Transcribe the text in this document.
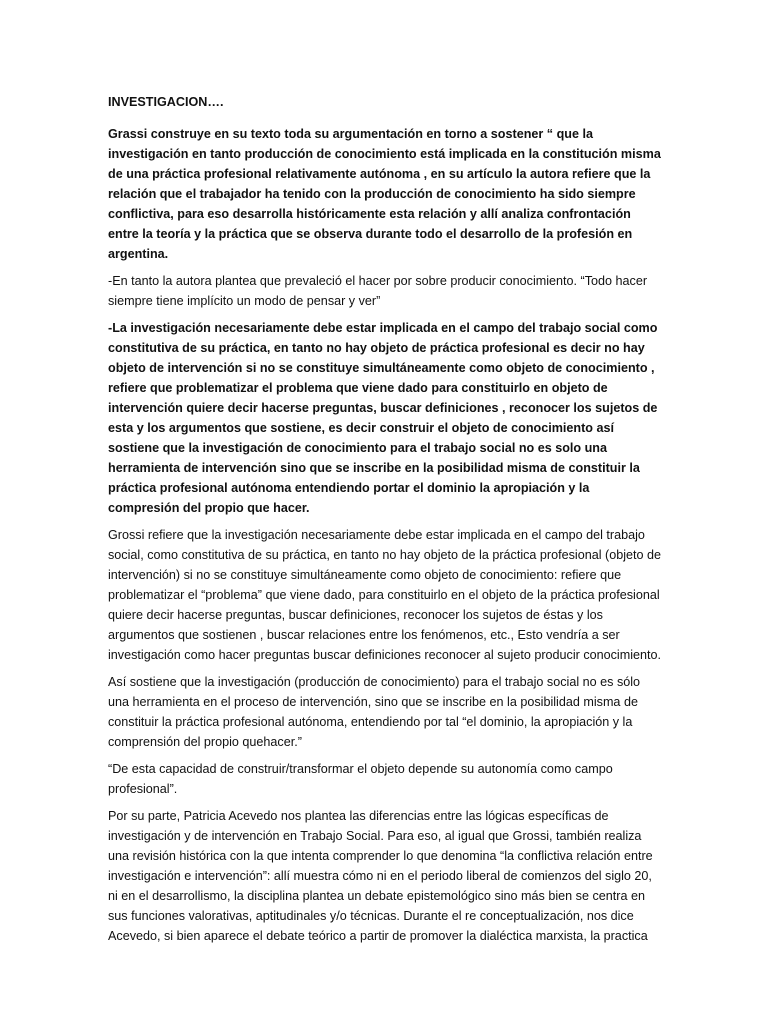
INVESTIGACION….
Grassi construye en su texto toda su argumentación en torno a sostener “ que la investigación en tanto producción de conocimiento está implicada en la constitución misma de una práctica profesional relativamente autónoma , en su artículo la autora refiere que la relación que el trabajador ha tenido con la producción de conocimiento ha sido siempre conflictiva, para eso desarrolla históricamente esta relación y allí analiza confrontación entre la teoría y la práctica que se observa durante todo el desarrollo de la profesión en argentina.
-En tanto la autora plantea que prevaleció el hacer por sobre producir conocimiento. “Todo hacer siempre tiene implícito un modo de pensar y ver”
-La investigación necesariamente debe estar implicada en el campo del trabajo social como constitutiva de su práctica, en tanto no hay objeto de práctica profesional es decir no hay objeto de intervención si no se constituye simultáneamente como objeto de conocimiento , refiere que problematizar el problema que viene dado para constituirlo en objeto de intervención quiere decir hacerse preguntas, buscar definiciones , reconocer los sujetos de esta y los argumentos que sostiene, es decir construir el objeto de conocimiento así sostiene que la investigación de conocimiento para el trabajo social no es solo una herramienta de intervención sino que se inscribe en la posibilidad misma de constituir la práctica profesional autónoma entendiendo portar el dominio la apropiación y la compresión del propio que hacer.
Grossi refiere que la investigación necesariamente debe estar implicada en el campo del trabajo social, como constitutiva de su práctica, en tanto no hay objeto de la práctica profesional (objeto de intervención) si no se constituye simultáneamente como objeto de conocimiento: refiere que problematizar el “problema” que viene dado, para constituirlo en el objeto de la práctica profesional quiere decir hacerse preguntas, buscar definiciones, reconocer los sujetos de éstas y los argumentos que sostienen , buscar relaciones entre los fenómenos, etc., Esto vendría a ser investigación como hacer preguntas buscar definiciones reconocer al sujeto producir conocimiento.
Así sostiene que la investigación (producción de conocimiento) para el trabajo social no es sólo una herramienta en el proceso de intervención, sino que se inscribe en la posibilidad misma de constituir la práctica profesional autónoma, entendiendo por tal “el dominio, la apropiación y la comprensión del propio quehacer.”
“De esta capacidad de construir/transformar el objeto depende su autonomía como campo profesional”.
Por su parte, Patricia Acevedo nos plantea las diferencias entre las lógicas específicas de investigación y de intervención en Trabajo Social. Para eso, al igual que Grossi, también realiza una revisión histórica con la que intenta comprender lo que denomina “la conflictiva relación entre investigación e intervención”: allí muestra cómo ni en el periodo liberal de comienzos del siglo 20, ni en el desarrollismo, la disciplina plantea un debate epistemológico sino más bien se centra en sus funciones valorativas, aptitudinales y/o técnicas. Durante el re conceptualización, nos dice Acevedo, si bien aparece el debate teórico a partir de promover la dialéctica marxista, la practica
